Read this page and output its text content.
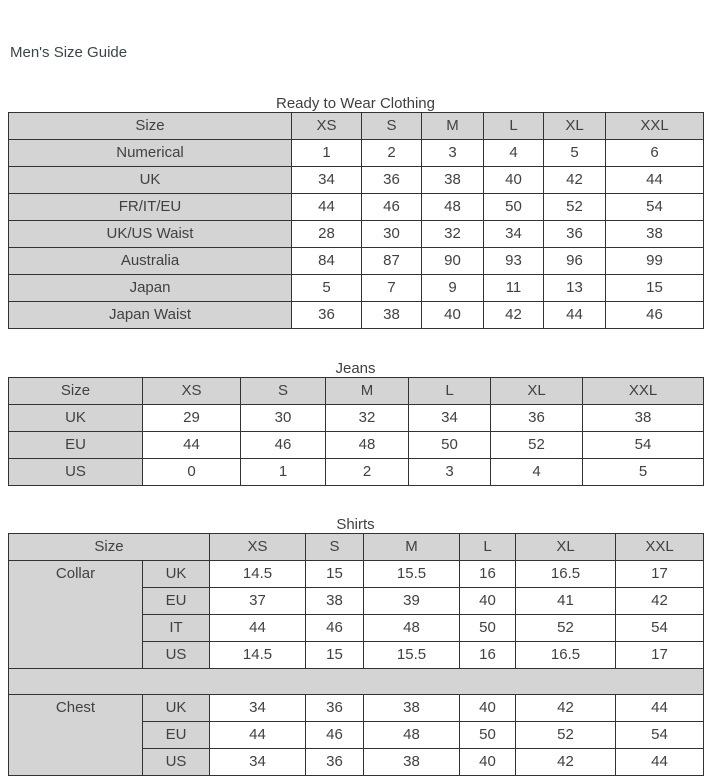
Men's Size Guide
Ready to Wear Clothing
Size	XS	S	M	L	XL	XXL
Numerical	1	2	3	4	5	6
UK	34	36	38	40	42	44
FR/IT/EU	44	46	48	50	52	54
UK/US Waist	28	30	32	34	36	38
Australia	84	87	90	93	96	99
Japan	5	7	9	11	13	15
Japan Waist	36	38	40	42	44	46
Jeans
Size	XS	S	M	L	XL	XXL
UK	29	30	32	34	36	38
EU	44	46	48	50	52	54
US	0	1	2	3	4	5
Shirts
Size		XS	S	M	L	XL	XXL
Collar	UK	14.5	15	15.5	16	16.5	17
	EU	37	38	39	40	41	42
	IT	44	46	48	50	52	54
	US	14.5	15	15.5	16	16.5	17

Chest	UK	34	36	38	40	42	44
	EU	44	46	48	50	52	54
	US	34	36	38	40	42	44
